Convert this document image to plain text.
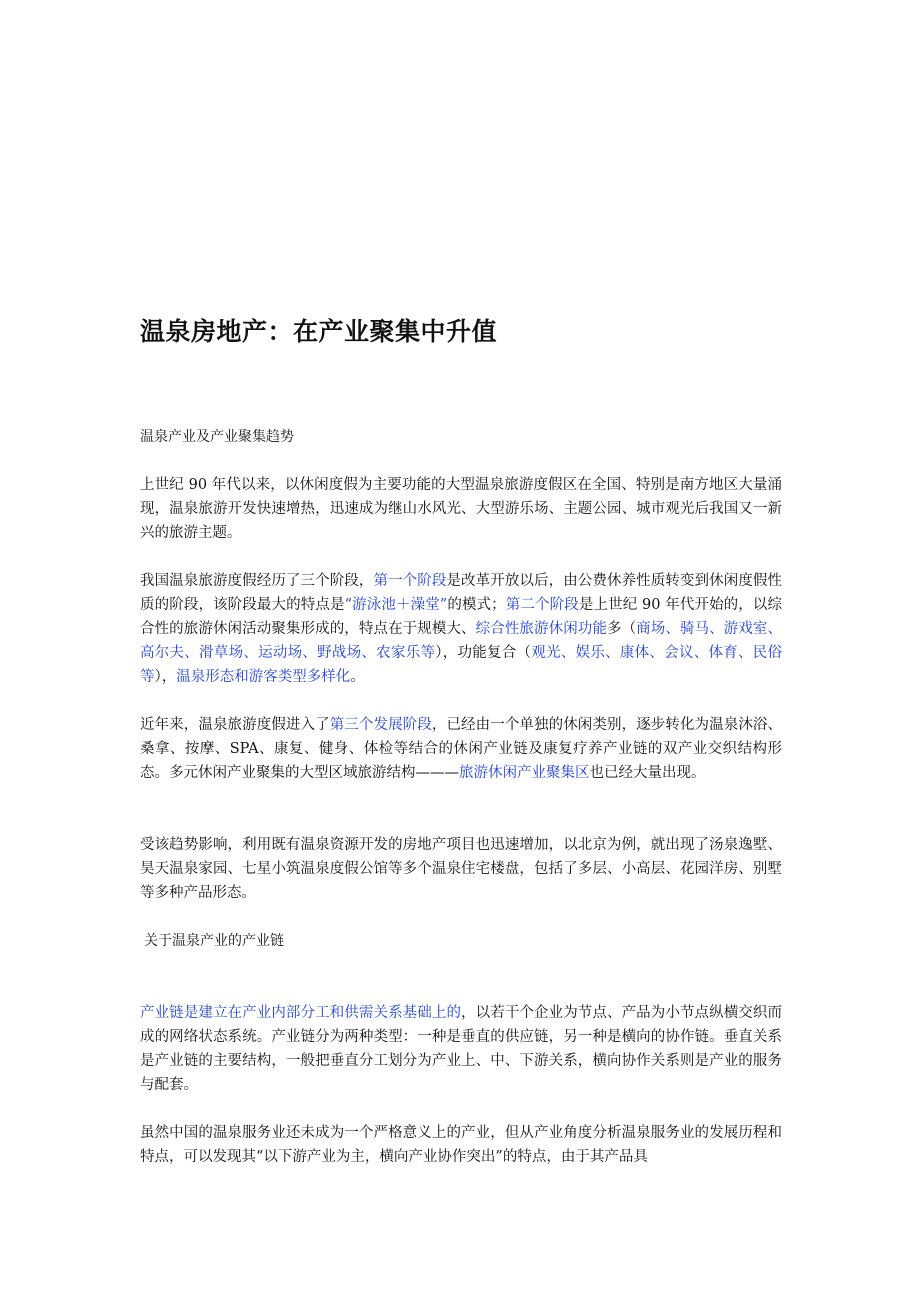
温泉房地产：在产业聚集中升值

温泉产业及产业聚集趋势

上世纪 90 年代以来，以休闲度假为主要功能的大型温泉旅游度假区在全国、特别是南方地区大量涌现，温泉旅游开发快速增热，迅速成为继山水风光、大型游乐场、主题公园、城市观光后我国又一新兴的旅游主题。

我国温泉旅游度假经历了三个阶段，第一个阶段是改革开放以后，由公费休养性质转变到休闲度假性质的阶段，该阶段最大的特点是“游泳池＋澡堂”的模式；第二个阶段是上世纪 90 年代开始的，以综合性的旅游休闲活动聚集形成的，特点在于规模大、综合性旅游休闲功能多（商场、骑马、游戏室、高尔夫、滑草场、运动场、野战场、农家乐等），功能复合（观光、娱乐、康体、会议、体育、民俗等），温泉形态和游客类型多样化。

近年来，温泉旅游度假进入了第三个发展阶段，已经由一个单独的休闲类别，逐步转化为温泉沐浴、桑拿、按摩、SPA、康复、健身、体检等结合的休闲产业链及康复疗养产业链的双产业交织结构形态。多元休闲产业聚集的大型区域旅游结构———旅游休闲产业聚集区也已经大量出现。

受该趋势影响，利用既有温泉资源开发的房地产项目也迅速增加，以北京为例，就出现了汤泉逸墅、昊天温泉家园、七星小筑温泉度假公馆等多个温泉住宅楼盘，包括了多层、小高层、花园洋房、别墅等多种产品形态。

关于温泉产业的产业链

产业链是建立在产业内部分工和供需关系基础上的，以若干个企业为节点、产品为小节点纵横交织而成的网络状态系统。产业链分为两种类型：一种是垂直的供应链，另一种是横向的协作链。垂直关系是产业链的主要结构，一般把垂直分工划分为产业上、中、下游关系，横向协作关系则是产业的服务与配套。

虽然中国的温泉服务业还未成为一个严格意义上的产业，但从产业角度分析温泉服务业的发展历程和特点，可以发现其“以下游产业为主，横向产业协作突出”的特点，由于其产品具
